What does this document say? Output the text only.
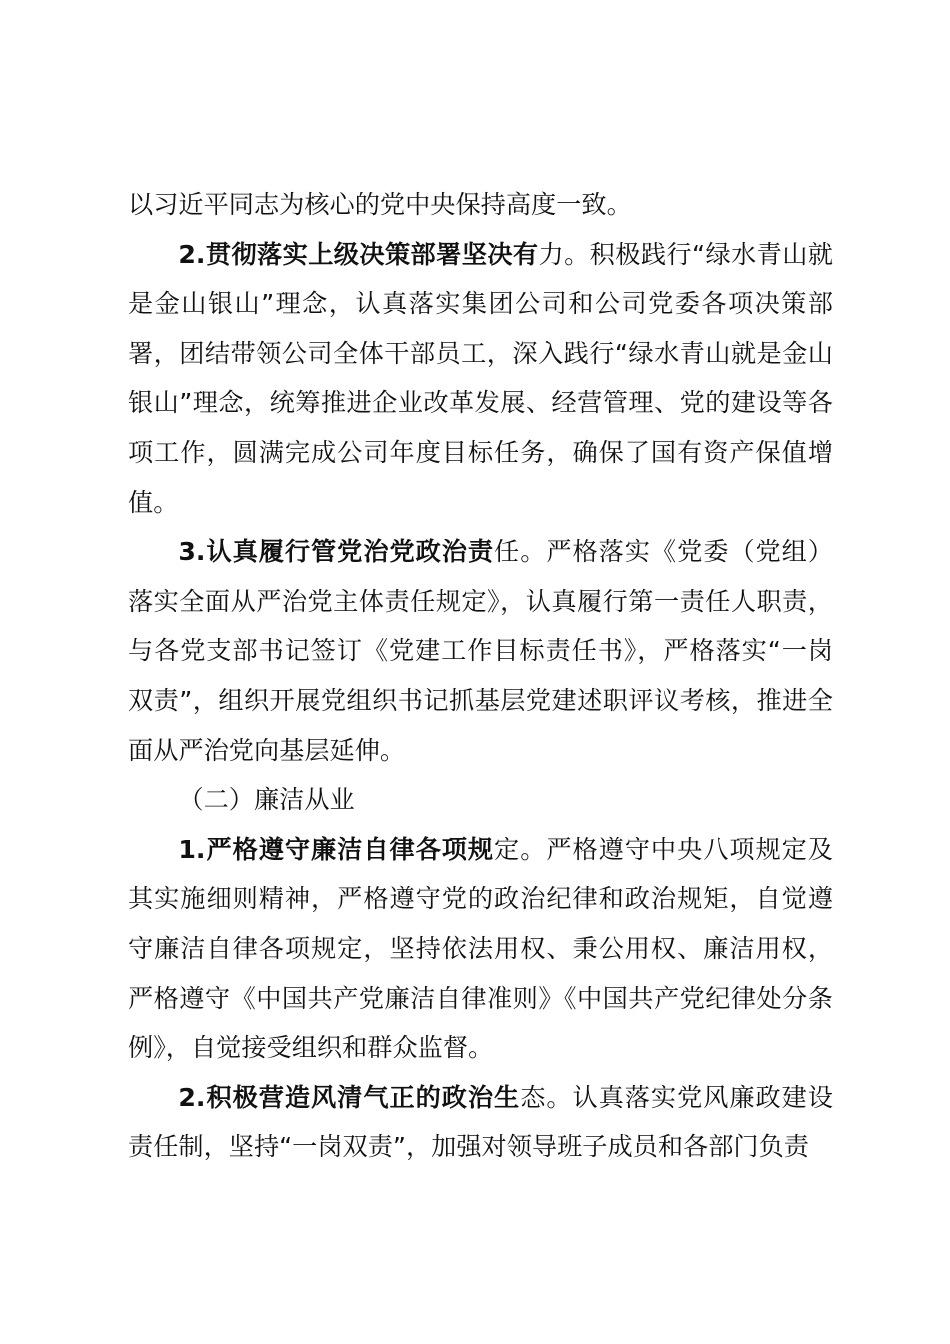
以习近平同志为核心的党中央保持高度一致。

2.贯彻落实上级决策部署坚决有力。积极践行“绿水青山就是金山银山”理念，认真落实集团公司和公司党委各项决策部署，团结带领公司全体干部员工，深入践行“绿水青山就是金山银山”理念，统筹推进企业改革发展、经营管理、党的建设等各项工作，圆满完成公司年度目标任务，确保了国有资产保值增值。

3.认真履行管党治党政治责任。严格落实《党委（党组）落实全面从严治党主体责任规定》，认真履行第一责任人职责，与各党支部书记签订《党建工作目标责任书》，严格落实“一岗双责”，组织开展党组织书记抓基层党建述职评议考核，推进全面从严治党向基层延伸。

（二）廉洁从业

1.严格遵守廉洁自律各项规定。严格遵守中央八项规定及其实施细则精神，严格遵守党的政治纪律和政治规矩，自觉遵守廉洁自律各项规定，坚持依法用权、秉公用权、廉洁用权，严格遵守《中国共产党廉洁自律准则》《中国共产党纪律处分条例》，自觉接受组织和群众监督。

2.积极营造风清气正的政治生态。认真落实党风廉政建设责任制，坚持“一岗双责”，加强对领导班子成员和各部门负责
